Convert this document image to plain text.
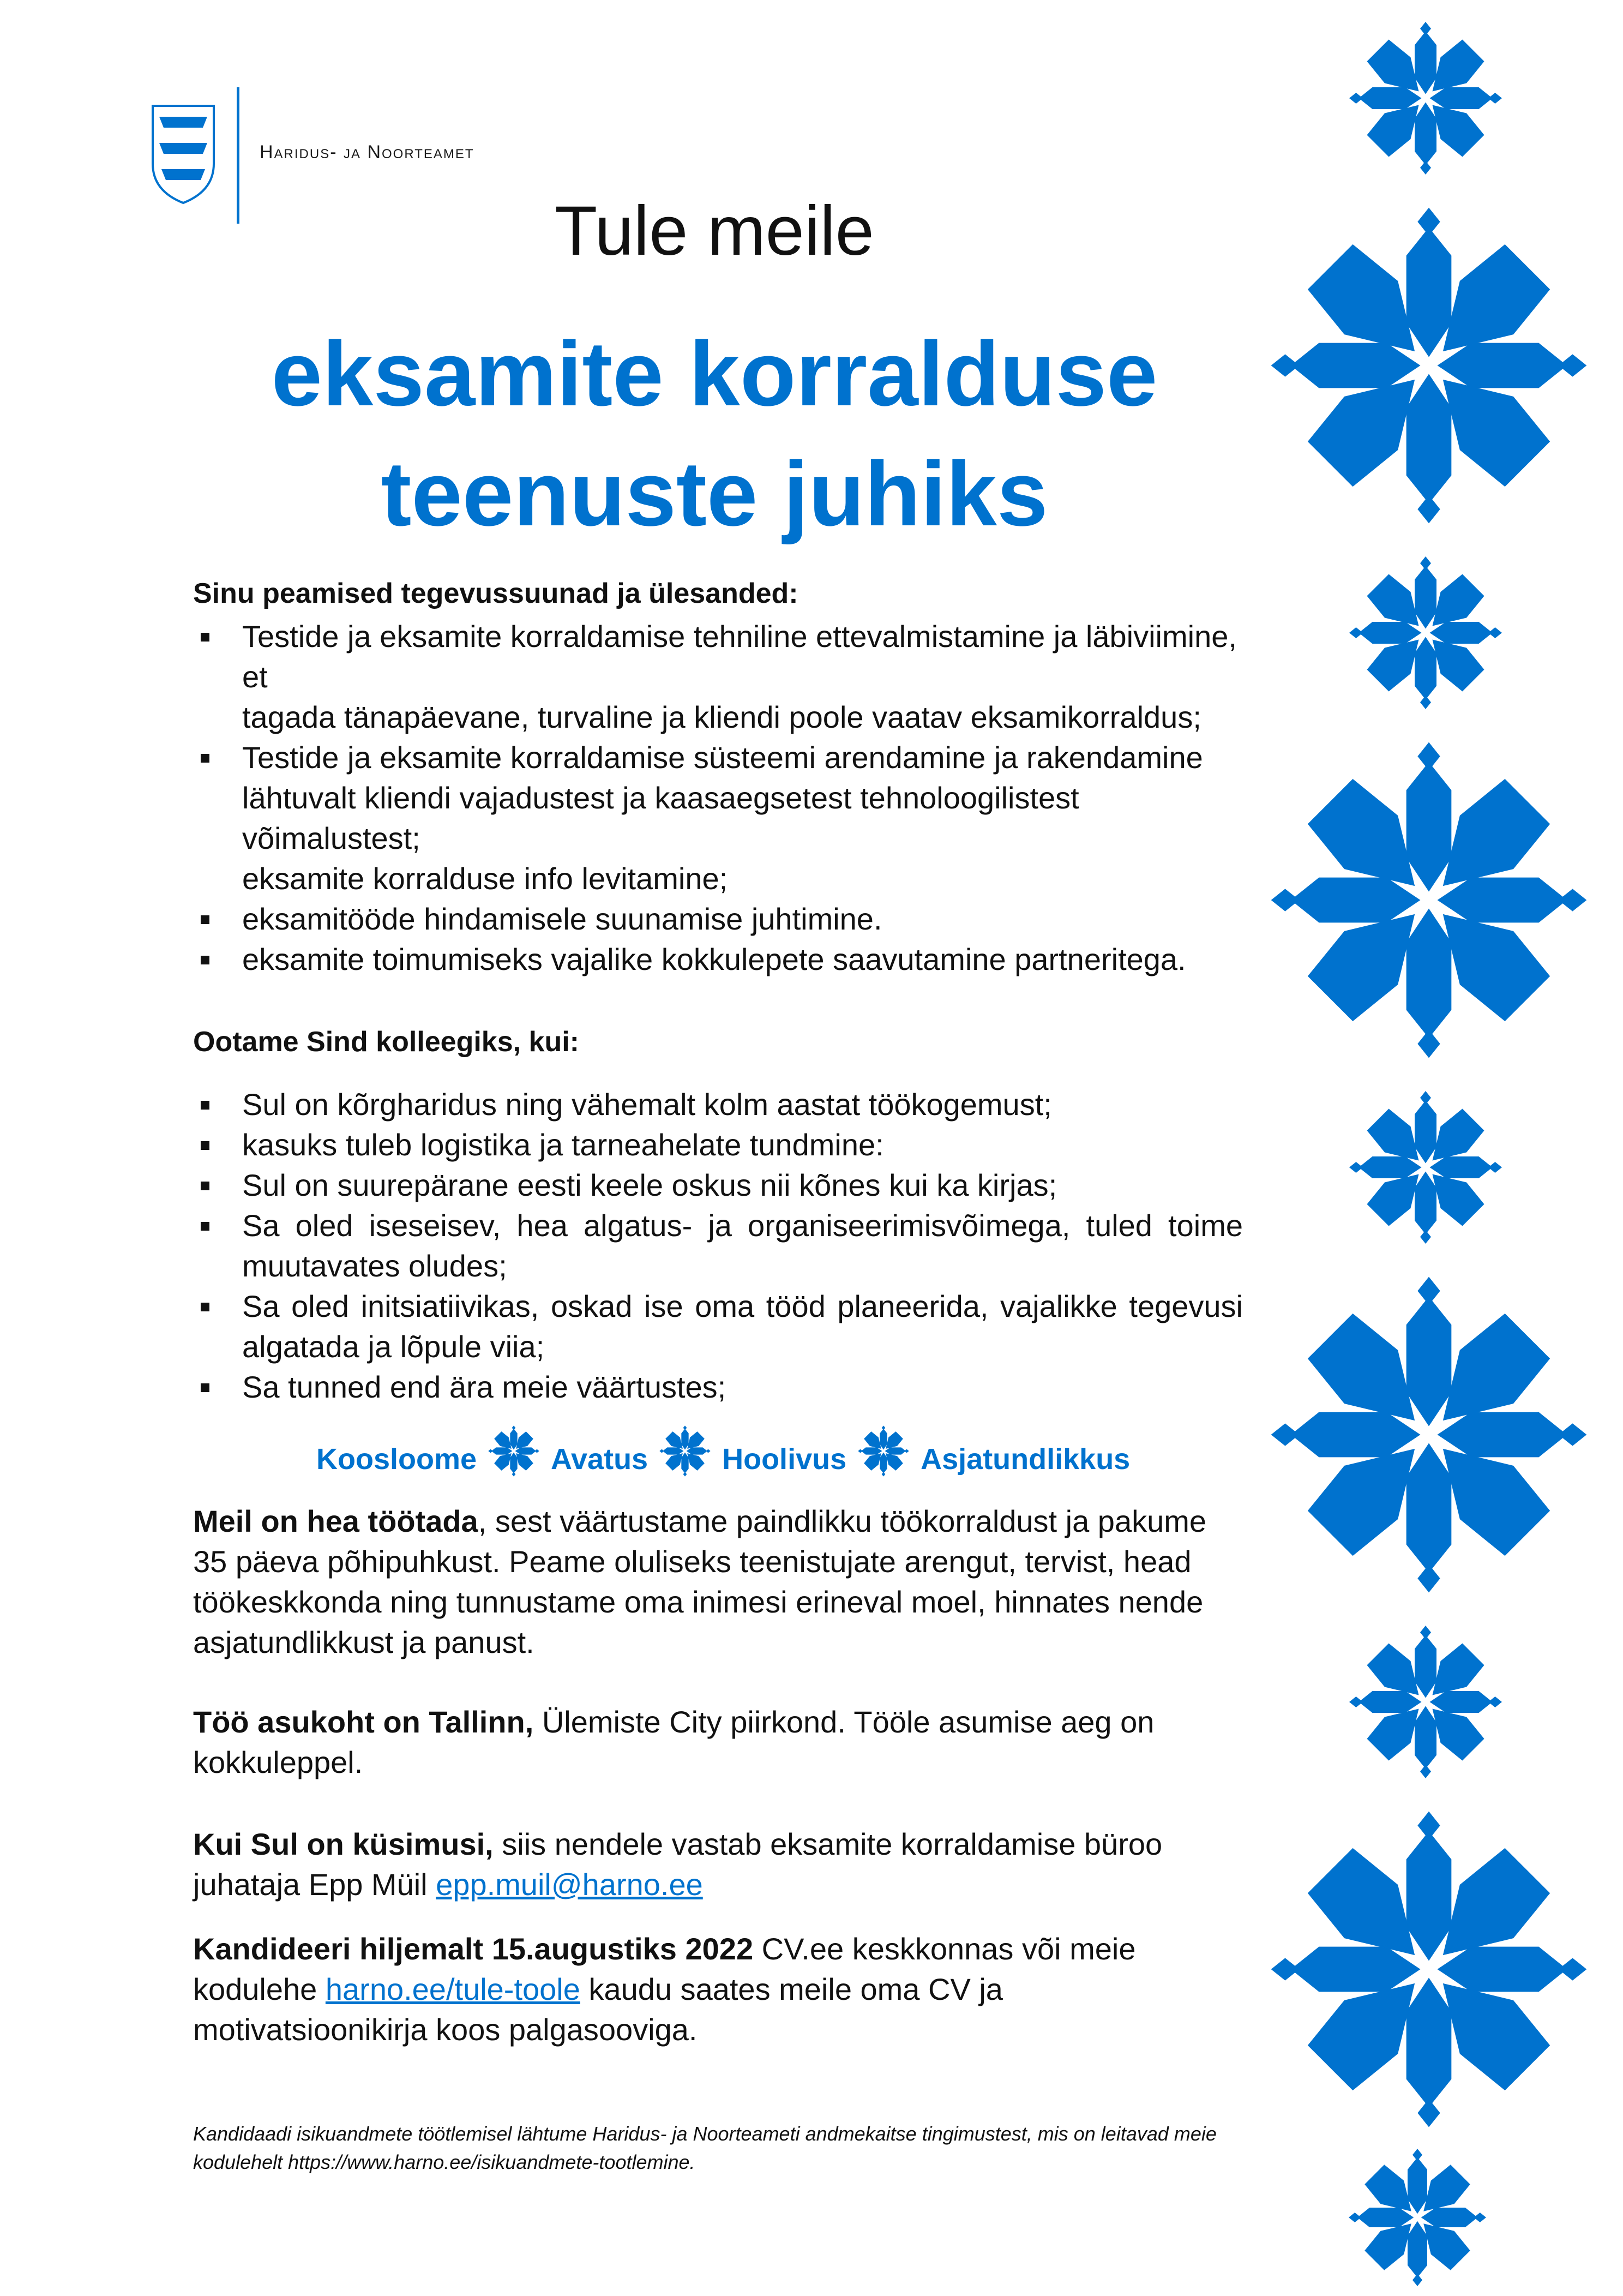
Haridus- ja Noorteamet
Tule meile
eksamite korralduse
teenuste juhiks
Sinu peamised tegevussuunad ja ülesanded:
Testide ja eksamite korraldamise tehniline ettevalmistamine ja läbiviimine, et
tagada tänapäevane, turvaline ja kliendi poole vaatav eksamikorraldus;
Testide ja eksamite korraldamise süsteemi arendamine ja rakendamine lähtuvalt kliendi vajadustest ja kaasaegsetest tehnoloogilistest võimalustest;
eksamite korralduse info levitamine;
eksamitööde hindamisele suunamise juhtimine.
eksamite toimumiseks vajalike kokkulepete saavutamine partneritega.
Ootame Sind kolleegiks, kui:
Sul on kõrgharidus ning vähemalt kolm aastat töökogemust;
kasuks tuleb logistika ja tarneahelate tundmine:
Sul on suurepärane eesti keele oskus nii kõnes kui ka kirjas;
Sa oled iseseisev, hea algatus- ja organiseerimisvõimega, tuled toime muutavates oludes;
Sa oled initsiatiivikas, oskad ise oma tööd planeerida, vajalikke tegevusi algatada ja lõpule viia;
Sa tunned end ära meie väärtustes;
Koosloome	Avatus	Hoolivus	Asjatundlikkus
Meil on hea töötada, sest väärtustame paindlikku töökorraldust ja pakume 35 päeva põhipuhkust. Peame oluliseks teenistujate arengut, tervist, head töökeskkonda ning tunnustame oma inimesi erineval moel, hinnates nende asjatundlikkust ja panust.
Töö asukoht on Tallinn, Ülemiste City piirkond. Tööle asumise aeg on kokkuleppel.
Kui Sul on küsimusi, siis nendele vastab eksamite korraldamise büroo juhataja Epp Müil epp.muil@harno.ee
Kandideeri hiljemalt 15.augustiks 2022 CV.ee keskkonnas või meie kodulehe harno.ee/tule-toole kaudu saates meile oma CV ja motivatsioonikirja koos palgasooviga.
Kandidaadi isikuandmete töötlemisel lähtume Haridus- ja Noorteameti andmekaitse tingimustest, mis on leitavad meie kodulehelt https://www.harno.ee/isikuandmete-tootlemine.
